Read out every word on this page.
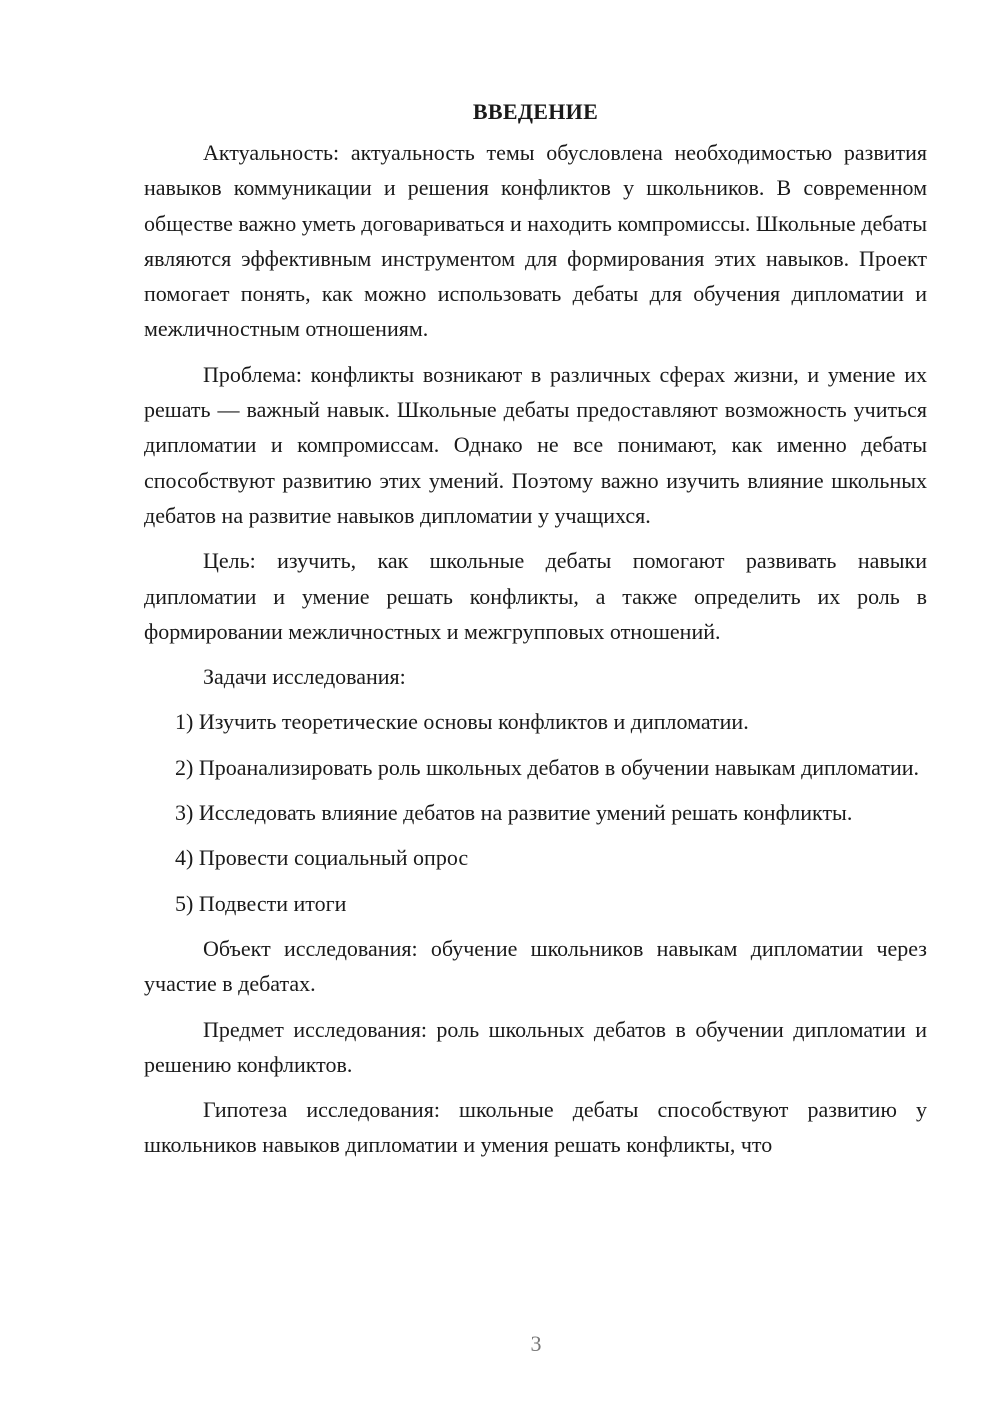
ВВЕДЕНИЕ

Актуальность: актуальность темы обусловлена необходимостью развития навыков коммуникации и решения конфликтов у школьников. В современном обществе важно уметь договариваться и находить компромиссы. Школьные дебаты являются эффективным инструментом для формирования этих навыков. Проект помогает понять, как можно использовать дебаты для обучения дипломатии и межличностным отношениям.

Проблема: конфликты возникают в различных сферах жизни, и умение их решать — важный навык. Школьные дебаты предоставляют возможность учиться дипломатии и компромиссам. Однако не все понимают, как именно дебаты способствуют развитию этих умений. Поэтому важно изучить влияние школьных дебатов на развитие навыков дипломатии у учащихся.

Цель: изучить, как школьные дебаты помогают развивать навыки дипломатии и умение решать конфликты, а также определить их роль в формировании межличностных и межгрупповых отношений.

Задачи исследования:

1) Изучить теоретические основы конфликтов и дипломатии.

2) Проанализировать роль школьных дебатов в обучении навыкам дипломатии.

3) Исследовать влияние дебатов на развитие умений решать конфликты.

4) Провести социальный опрос

5) Подвести итоги

Объект исследования: обучение школьников навыкам дипломатии через участие в дебатах.

Предмет исследования: роль школьных дебатов в обучении дипломатии и решению конфликтов.

Гипотеза исследования: школьные дебаты способствуют развитию у школьников навыков дипломатии и умения решать конфликты, что

3
